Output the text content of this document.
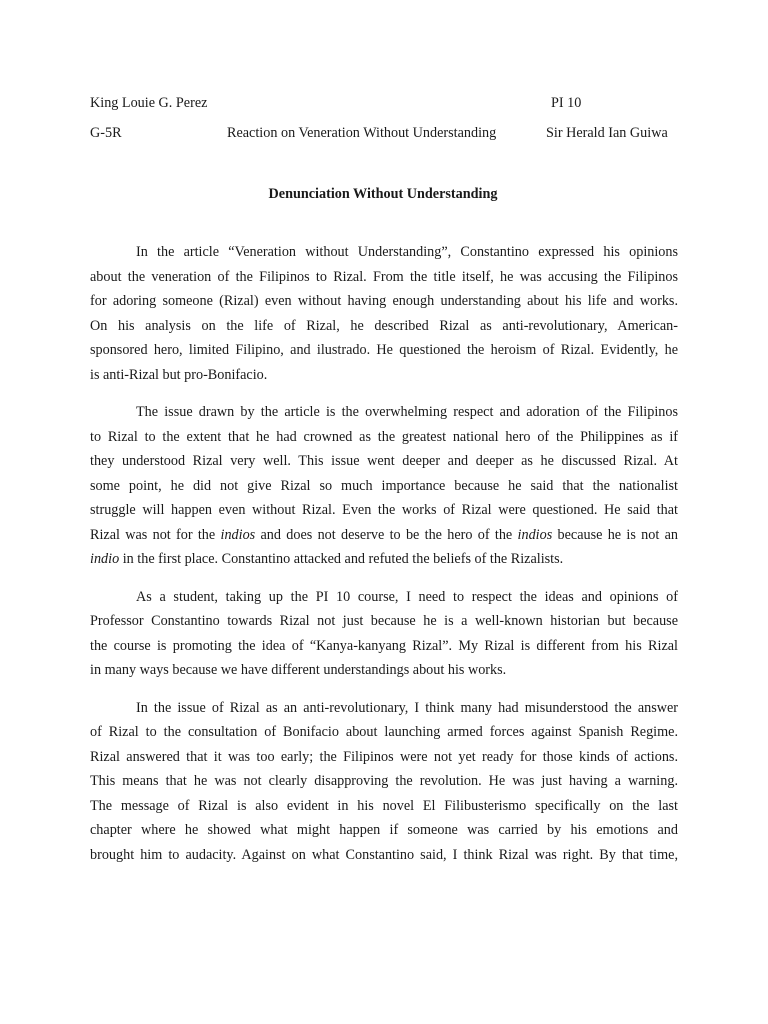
King Louie G. Perez	PI 10
G-5R	Reaction on Veneration Without Understanding	Sir Herald Ian Guiwa
Denunciation Without Understanding

In the article “Veneration without Understanding”, Constantino expressed his opinions
about the veneration of the Filipinos to Rizal. From the title itself, he was accusing the Filipinos
for adoring someone (Rizal) even without having enough understanding about his life and works.
On his analysis on the life of Rizal, he described Rizal as anti-revolutionary, American-
sponsored hero, limited Filipino, and ilustrado. He questioned the heroism of Rizal. Evidently, he
is anti-Rizal but pro-Bonifacio.

The issue drawn by the article is the overwhelming respect and adoration of the Filipinos
to Rizal to the extent that he had crowned as the greatest national hero of the Philippines as if
they understood Rizal very well. This issue went deeper and deeper as he discussed Rizal. At
some point, he did not give Rizal so much importance because he said that the nationalist
struggle will happen even without Rizal. Even the works of Rizal were questioned. He said that
Rizal was not for the indios and does not deserve to be the hero of the indios because he is not an
indio in the first place. Constantino attacked and refuted the beliefs of the Rizalists.

As a student, taking up the PI 10 course, I need to respect the ideas and opinions of
Professor Constantino towards Rizal not just because he is a well-known historian but because
the course is promoting the idea of “Kanya-kanyang Rizal”. My Rizal is different from his Rizal
in many ways because we have different understandings about his works.

In the issue of Rizal as an anti-revolutionary, I think many had misunderstood the answer
of Rizal to the consultation of Bonifacio about launching armed forces against Spanish Regime.
Rizal answered that it was too early; the Filipinos were not yet ready for those kinds of actions.
This means that he was not clearly disapproving the revolution. He was just having a warning.
The message of Rizal is also evident in his novel El Filibusterismo specifically on the last
chapter where he showed what might happen if someone was carried by his emotions and
brought him to audacity. Against on what Constantino said, I think Rizal was right. By that time,
